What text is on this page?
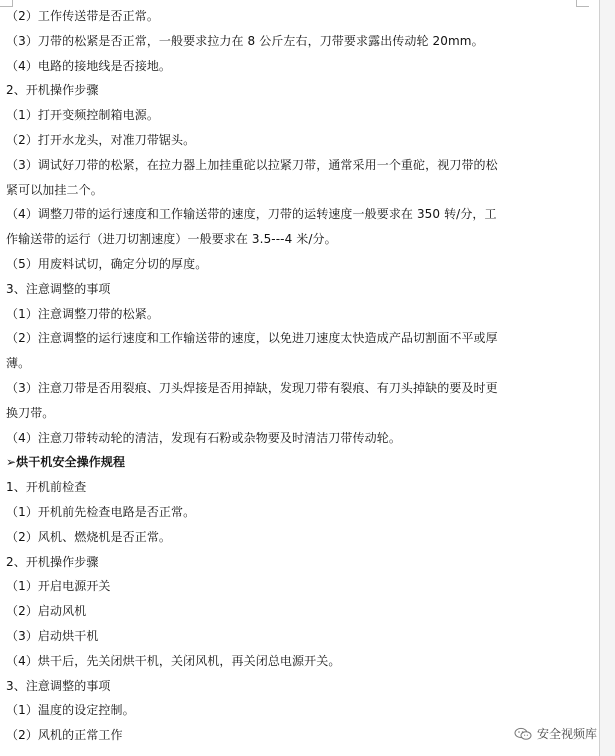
（2）工作传送带是否正常。
（3）刀带的松紧是否正常，一般要求拉力在 8 公斤左右，刀带要求露出传动轮 20mm。
（4）电路的接地线是否接地。
2、开机操作步骤
（1）打开变频控制箱电源。
（2）打开水龙头，对准刀带锯头。
（3）调试好刀带的松紧，在拉力器上加挂重砣以拉紧刀带，通常采用一个重砣，视刀带的松
紧可以加挂二个。
（4）调整刀带的运行速度和工作输送带的速度，刀带的运转速度一般要求在 350 转/分，工
作输送带的运行（进刀切割速度）一般要求在 3.5---4 米/分。
（5）用废料试切，确定分切的厚度。
3、注意调整的事项
（1）注意调整刀带的松紧。
（2）注意调整的运行速度和工作输送带的速度，以免进刀速度太快造成产品切割面不平或厚
薄。
（3）注意刀带是否用裂痕、刀头焊接是否用掉缺，发现刀带有裂痕、有刀头掉缺的要及时更
换刀带。
（4）注意刀带转动轮的清洁，发现有石粉或杂物要及时清洁刀带传动轮。
➢烘干机安全操作规程
1、开机前检查
（1）开机前先检查电路是否正常。
（2）风机、燃烧机是否正常。
2、开机操作步骤
（1）开启电源开关
（2）启动风机
（3）启动烘干机
（4）烘干后，先关闭烘干机，关闭风机，再关闭总电源开关。
3、注意调整的事项
（1）温度的设定控制。
（2）风机的正常工作	安全视频库
